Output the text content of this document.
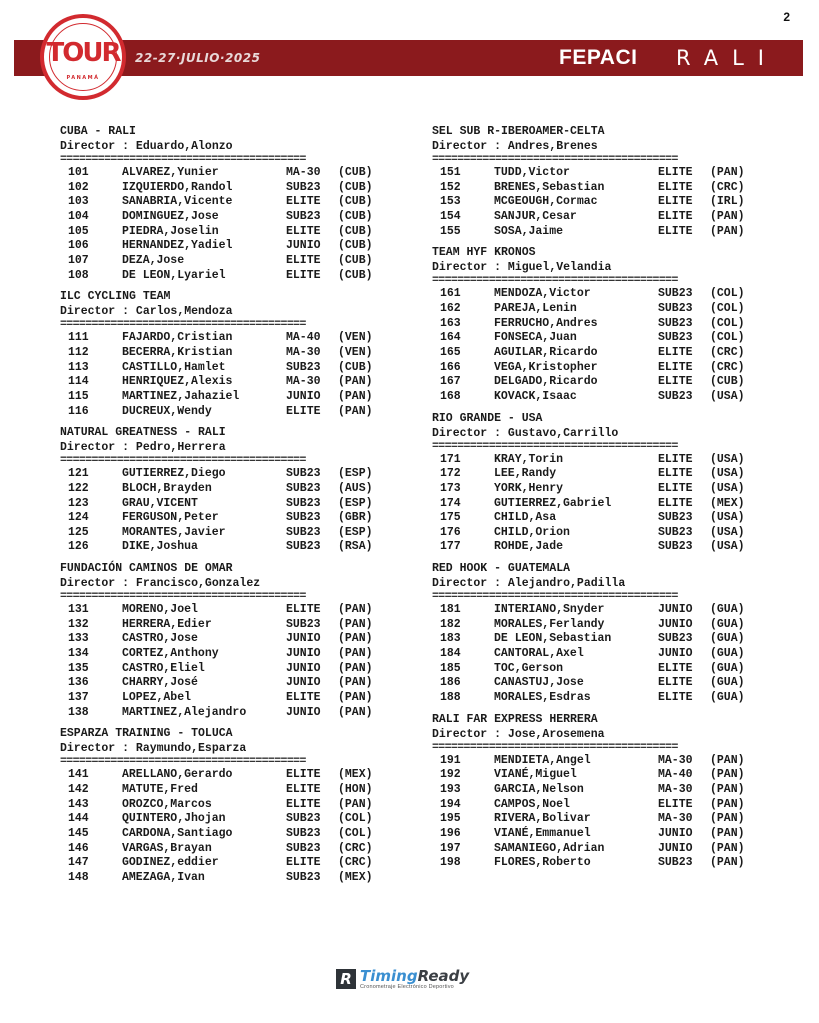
2
TOUR
PANAMÁ
22-27·JULIO·2025	FEPACI RALI
CUBA - RALI
Director : Eduardo,Alonzo
=======================================
101	ALVAREZ,Yunier	MA-30	(CUB)
102	IZQUIERDO,Randol	SUB23	(CUB)
103	SANABRIA,Vicente	ELITE	(CUB)
104	DOMINGUEZ,Jose	SUB23	(CUB)
105	PIEDRA,Joselin	ELITE	(CUB)
106	HERNANDEZ,Yadiel	JUNIO	(CUB)
107	DEZA,Jose	ELITE	(CUB)
108	DE LEON,Lyariel	ELITE	(CUB)
ILC CYCLING TEAM
Director : Carlos,Mendoza
=======================================
111	FAJARDO,Cristian	MA-40	(VEN)
112	BECERRA,Kristian	MA-30	(VEN)
113	CASTILLO,Hamlet	SUB23	(CUB)
114	HENRIQUEZ,Alexis	MA-30	(PAN)
115	MARTINEZ,Jahaziel	JUNIO	(PAN)
116	DUCREUX,Wendy	ELITE	(PAN)
NATURAL GREATNESS - RALI
Director : Pedro,Herrera
=======================================
121	GUTIERREZ,Diego	SUB23	(ESP)
122	BLOCH,Brayden	SUB23	(AUS)
123	GRAU,VICENT	SUB23	(ESP)
124	FERGUSON,Peter	SUB23	(GBR)
125	MORANTES,Javier	SUB23	(ESP)
126	DIKE,Joshua	SUB23	(RSA)
FUNDACIÓN CAMINOS DE OMAR
Director : Francisco,Gonzalez
=======================================
131	MORENO,Joel	ELITE	(PAN)
132	HERRERA,Edier	SUB23	(PAN)
133	CASTRO,Jose	JUNIO	(PAN)
134	CORTEZ,Anthony	JUNIO	(PAN)
135	CASTRO,Eliel	JUNIO	(PAN)
136	CHARRY,José	JUNIO	(PAN)
137	LOPEZ,Abel	ELITE	(PAN)
138	MARTINEZ,Alejandro	JUNIO	(PAN)
ESPARZA TRAINING - TOLUCA
Director : Raymundo,Esparza
=======================================
141	ARELLANO,Gerardo	ELITE	(MEX)
142	MATUTE,Fred	ELITE	(HON)
143	OROZCO,Marcos	ELITE	(PAN)
144	QUINTERO,Jhojan	SUB23	(COL)
145	CARDONA,Santiago	SUB23	(COL)
146	VARGAS,Brayan	SUB23	(CRC)
147	GODINEZ,eddier	ELITE	(CRC)
148	AMEZAGA,Ivan	SUB23	(MEX)
SEL SUB R-IBEROAMER-CELTA
Director : Andres,Brenes
=======================================
151	TUDD,Victor	ELITE	(PAN)
152	BRENES,Sebastian	ELITE	(CRC)
153	MCGEOUGH,Cormac	ELITE	(IRL)
154	SANJUR,Cesar	ELITE	(PAN)
155	SOSA,Jaime	ELITE	(PAN)
TEAM HYF KRONOS
Director : Miguel,Velandia
=======================================
161	MENDOZA,Victor	SUB23	(COL)
162	PAREJA,Lenin	SUB23	(COL)
163	FERRUCHO,Andres	SUB23	(COL)
164	FONSECA,Juan	SUB23	(COL)
165	AGUILAR,Ricardo	ELITE	(CRC)
166	VEGA,Kristopher	ELITE	(CRC)
167	DELGADO,Ricardo	ELITE	(CUB)
168	KOVACK,Isaac	SUB23	(USA)
RIO GRANDE - USA
Director : Gustavo,Carrillo
=======================================
171	KRAY,Torin	ELITE	(USA)
172	LEE,Randy	ELITE	(USA)
173	YORK,Henry	ELITE	(USA)
174	GUTIERREZ,Gabriel	ELITE	(MEX)
175	CHILD,Asa	SUB23	(USA)
176	CHILD,Orion	SUB23	(USA)
177	ROHDE,Jade	SUB23	(USA)
RED HOOK - GUATEMALA
Director : Alejandro,Padilla
=======================================
181	INTERIANO,Snyder	JUNIO	(GUA)
182	MORALES,Ferlandy	JUNIO	(GUA)
183	DE LEON,Sebastian	SUB23	(GUA)
184	CANTORAL,Axel	JUNIO	(GUA)
185	TOC,Gerson	ELITE	(GUA)
186	CANASTUJ,Jose	ELITE	(GUA)
188	MORALES,Esdras	ELITE	(GUA)
RALI FAR EXPRESS HERRERA
Director : Jose,Arosemena
=======================================
191	MENDIETA,Angel	MA-30	(PAN)
192	VIANÉ,Miguel	MA-40	(PAN)
193	GARCIA,Nelson	MA-30	(PAN)
194	CAMPOS,Noel	ELITE	(PAN)
195	RIVERA,Bolivar	MA-30	(PAN)
196	VIANÉ,Emmanuel	JUNIO	(PAN)
197	SAMANIEGO,Adrian	JUNIO	(PAN)
198	FLORES,Roberto	SUB23	(PAN)
R TimingReady
Cronometraje Electrónico Deportivo
